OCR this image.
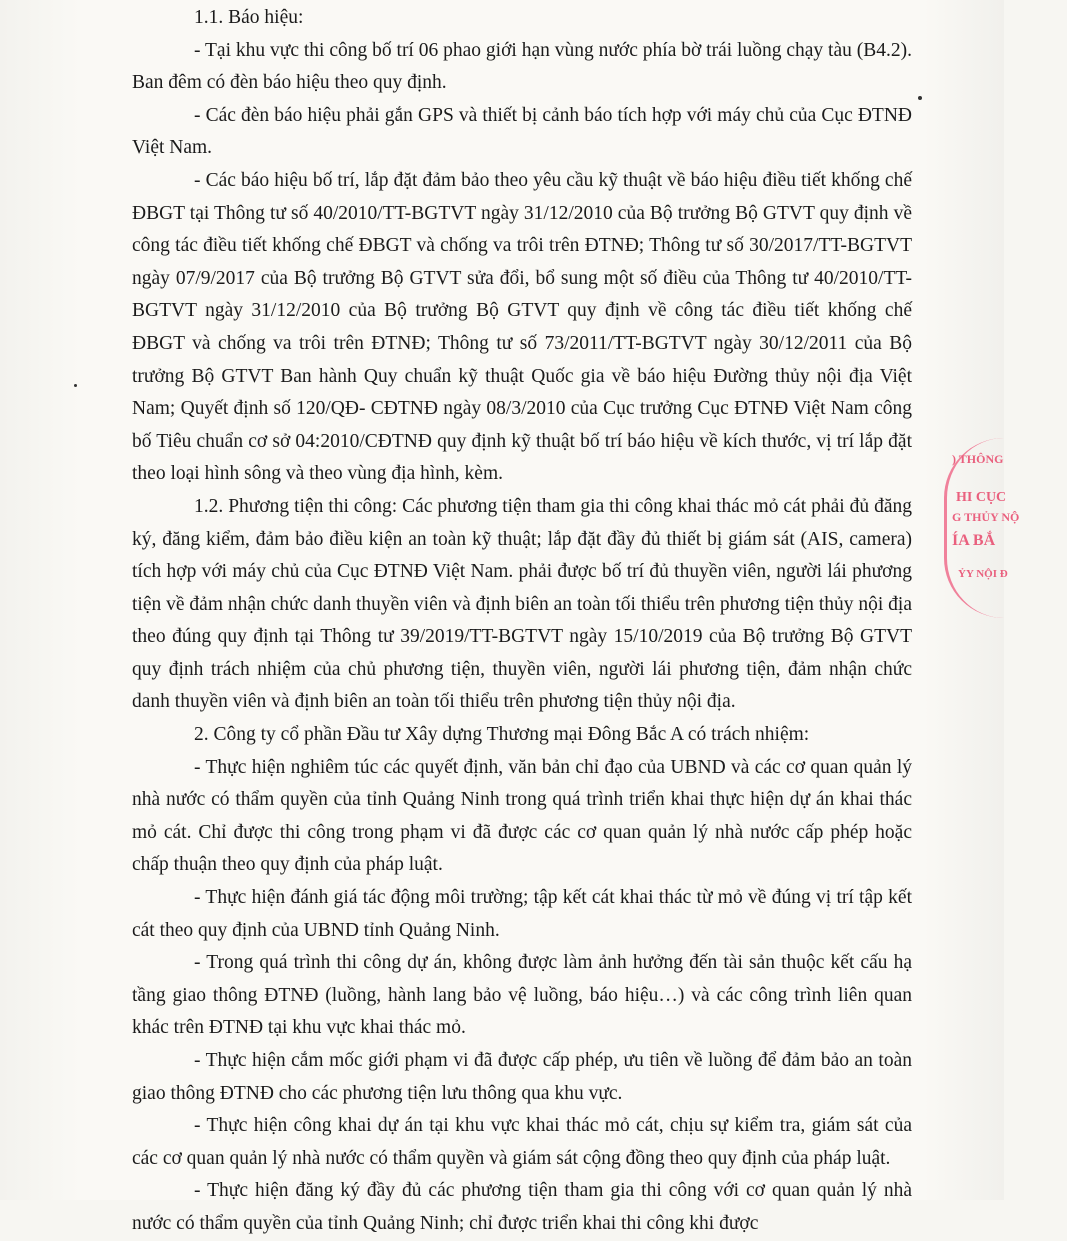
1.1. Báo hiệu:

- Tại khu vực thi công bố trí 06 phao giới hạn vùng nước phía bờ trái luồng chạy tàu (B4.2). Ban đêm có đèn báo hiệu theo quy định.

- Các đèn báo hiệu phải gắn GPS và thiết bị cảnh báo tích hợp với máy chủ của Cục ĐTNĐ Việt Nam.

- Các báo hiệu bố trí, lắp đặt đảm bảo theo yêu cầu kỹ thuật về báo hiệu điều tiết khống chế ĐBGT tại Thông tư số 40/2010/TT-BGTVT ngày 31/12/2010 của Bộ trưởng Bộ GTVT quy định về công tác điều tiết khống chế ĐBGT và chống va trôi trên ĐTNĐ; Thông tư số 30/2017/TT-BGTVT ngày 07/9/2017 của Bộ trưởng Bộ GTVT sửa đổi, bổ sung một số điều của Thông tư 40/2010/TT-BGTVT ngày 31/12/2010 của Bộ trưởng Bộ GTVT quy định về công tác điều tiết khống chế ĐBGT và chống va trôi trên ĐTNĐ; Thông tư số 73/2011/TT-BGTVT ngày 30/12/2011 của Bộ trưởng Bộ GTVT Ban hành Quy chuẩn kỹ thuật Quốc gia về báo hiệu Đường thủy nội địa Việt Nam; Quyết định số 120/QĐ- CĐTNĐ ngày 08/3/2010 của Cục trưởng Cục ĐTNĐ Việt Nam công bố Tiêu chuẩn cơ sở 04:2010/CĐTNĐ quy định kỹ thuật bố trí báo hiệu về kích thước, vị trí lắp đặt theo loại hình sông và theo vùng địa hình, kèm.

1.2. Phương tiện thi công: Các phương tiện tham gia thi công khai thác mỏ cát phải đủ đăng ký, đăng kiểm, đảm bảo điều kiện an toàn kỹ thuật; lắp đặt đầy đủ thiết bị giám sát (AIS, camera) tích hợp với máy chủ của Cục ĐTNĐ Việt Nam. phải được bố trí đủ thuyền viên, người lái phương tiện về đảm nhận chức danh thuyền viên và định biên an toàn tối thiểu trên phương tiện thủy nội địa theo đúng quy định tại Thông tư 39/2019/TT-BGTVT ngày 15/10/2019 của Bộ trưởng Bộ GTVT quy định trách nhiệm của chủ phương tiện, thuyền viên, người lái phương tiện, đảm nhận chức danh thuyền viên và định biên an toàn tối thiểu trên phương tiện thủy nội địa.

2. Công ty cổ phần Đầu tư Xây dựng Thương mại Đông Bắc A có trách nhiệm:

- Thực hiện nghiêm túc các quyết định, văn bản chỉ đạo của UBND và các cơ quan quản lý nhà nước có thẩm quyền của tỉnh Quảng Ninh trong quá trình triển khai thực hiện dự án khai thác mỏ cát. Chỉ được thi công trong phạm vi đã được các cơ quan quản lý nhà nước cấp phép hoặc chấp thuận theo quy định của pháp luật.

- Thực hiện đánh giá tác động môi trường; tập kết cát khai thác từ mỏ về đúng vị trí tập kết cát theo quy định của UBND tỉnh Quảng Ninh.

- Trong quá trình thi công dự án, không được làm ảnh hưởng đến tài sản thuộc kết cấu hạ tầng giao thông ĐTNĐ (luồng, hành lang bảo vệ luồng, báo hiệu…) và các công trình liên quan khác trên ĐTNĐ tại khu vực khai thác mỏ.

- Thực hiện cắm mốc giới phạm vi đã được cấp phép, ưu tiên về luồng để đảm bảo an toàn giao thông ĐTNĐ cho các phương tiện lưu thông qua khu vực.

- Thực hiện công khai dự án tại khu vực khai thác mỏ cát, chịu sự kiểm tra, giám sát của các cơ quan quản lý nhà nước có thẩm quyền và giám sát cộng đồng theo quy định của pháp luật.

- Thực hiện đăng ký đầy đủ các phương tiện tham gia thi công với cơ quan quản lý nhà nước có thẩm quyền của tỉnh Quảng Ninh; chỉ được triển khai thi công khi được

) THÔNG
HI CỤC
G THỦY NỘ
ÍA BẮ
ỶY NỘI Đ
